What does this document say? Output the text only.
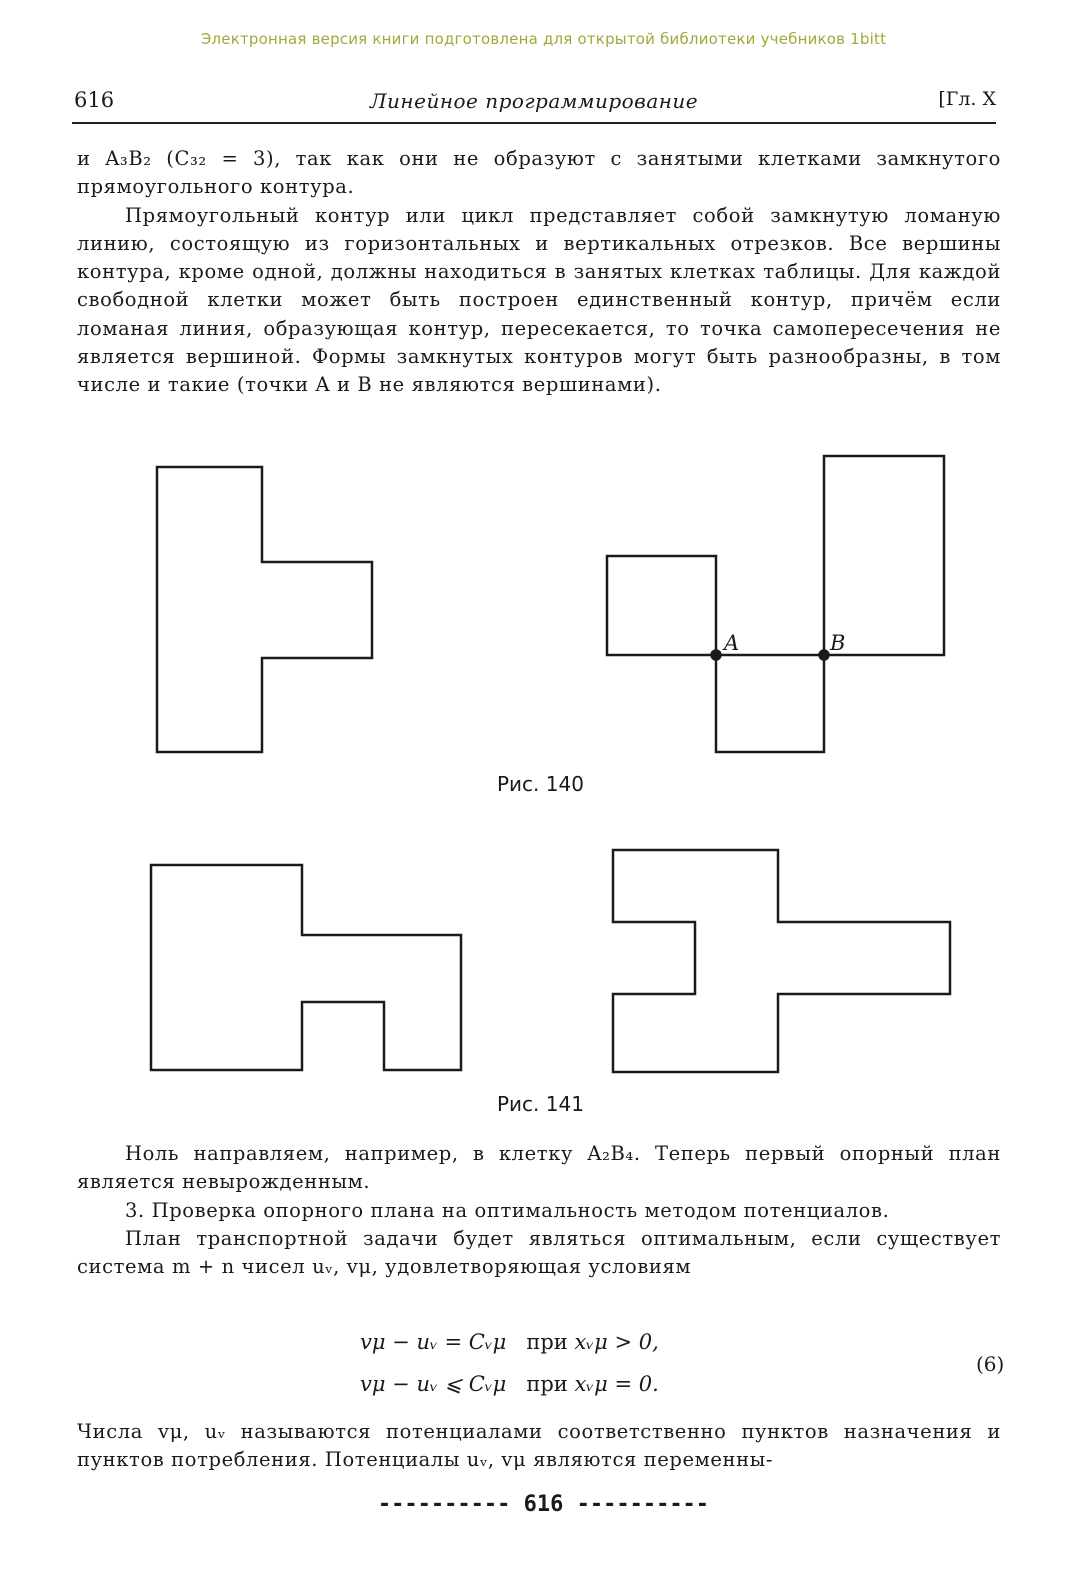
Электронная версия книги подготовлена для открытой библиотеки учебников 1bitt
616	Линейное программирование	[Гл. X

и A₃B₂ (C₃₂ = 3), так как они не образуют с занятыми клетками замкнутого прямоугольного контура.

Прямоугольный контур или цикл представляет собой замкнутую ломаную линию, состоящую из горизонтальных и вертикальных отрезков. Все вершины контура, кроме одной, должны находиться в занятых клетках таблицы. Для каждой свободной клетки может быть построен единственный контур, причём если ломаная линия, образующая контур, пересекается, то точка самопересечения не является вершиной. Формы замкнутых контуров могут быть разнообразны, в том числе и такие (точки A и B не являются вершинами).

A	B
Рис. 140
Рис. 141

Ноль направляем, например, в клетку A₂B₄. Теперь первый опорный план является невырожденным.

3. Проверка опорного плана на оптимальность методом потенциалов.

План транспортной задачи будет являться оптимальным, если существует система m + n чисел uᵥ, vμ, удовлетворяющая условиям

vμ − uᵥ = Cᵥμ при xᵥμ > 0,
vμ − uᵥ ⩽ Cᵥμ при xᵥμ = 0.
(6)

Числа vμ, uᵥ называются потенциалами соответственно пунктов назначения и пунктов потребления. Потенциалы uᵥ, vμ являются переменны-

---------- 616 ----------
